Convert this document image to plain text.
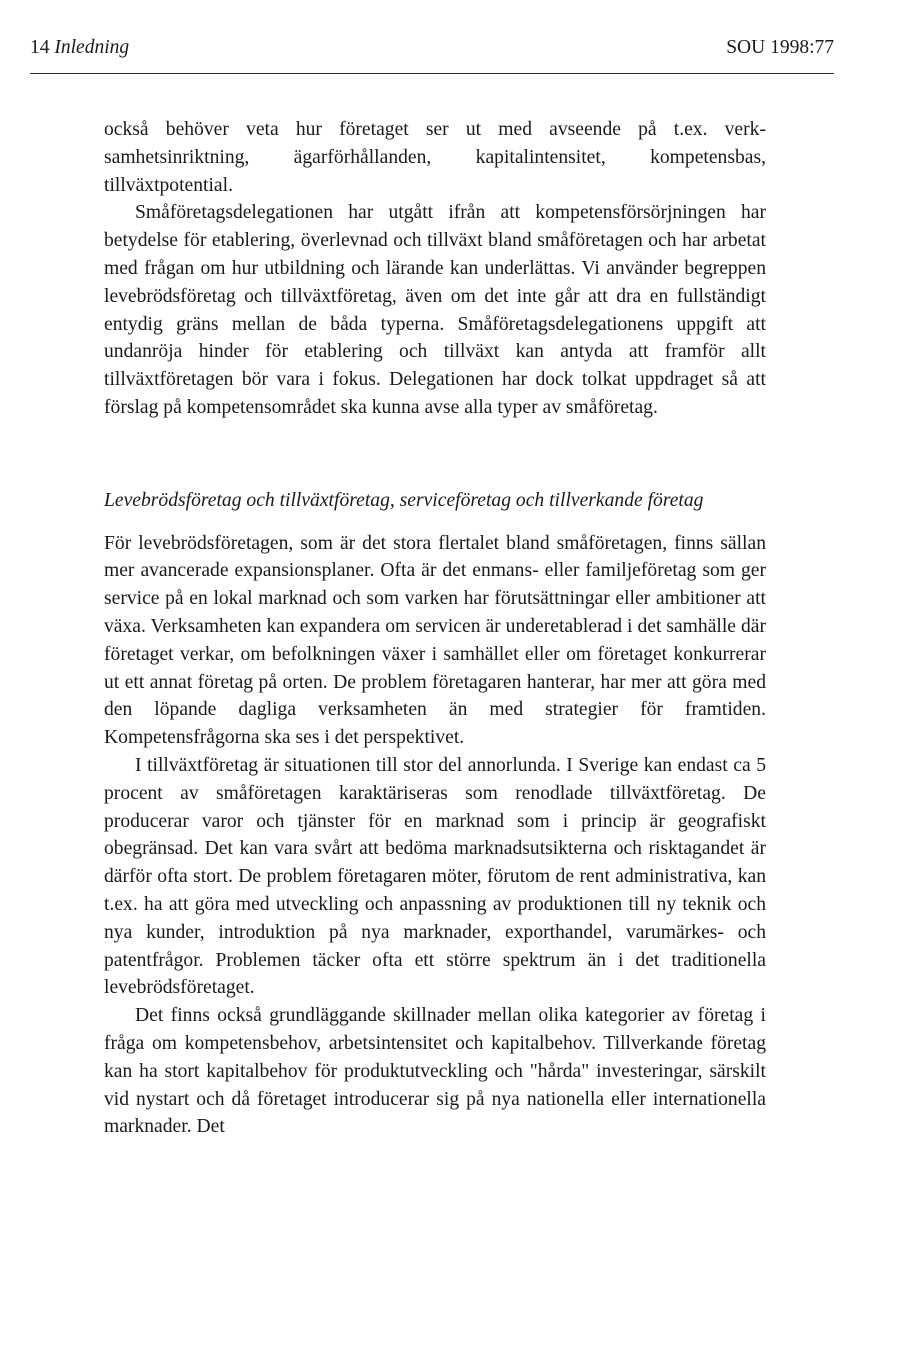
14 Inledning	SOU 1998:77

också behöver veta hur företaget ser ut med avseende på t.ex. verksamhetsinriktning, ägarförhållanden, kapitalintensitet, kompetensbas, tillväxtpotential.

Småföretagsdelegationen har utgått ifrån att kompetensförsörjningen har betydelse för etablering, överlevnad och tillväxt bland småföretagen och har arbetat med frågan om hur utbildning och lärande kan underlättas. Vi använder begreppen levebrödsföretag och tillväxtföretag, även om det inte går att dra en fullständigt entydig gräns mellan de båda typerna. Småföretagsdelegationens uppgift att undanröja hinder för etablering och tillväxt kan antyda att framför allt tillväxtföretagen bör vara i fokus. Delegationen har dock tolkat uppdraget så att förslag på kompetensområdet ska kunna avse alla typer av småföretag.

Levebrödsföretag och tillväxtföretag, serviceföretag och tillverkande företag

För levebrödsföretagen, som är det stora flertalet bland småföretagen, finns sällan mer avancerade expansionsplaner. Ofta är det enmans- eller familjeföretag som ger service på en lokal marknad och som varken har förutsättningar eller ambitioner att växa. Verksamheten kan expandera om servicen är underetablerad i det samhälle där företaget verkar, om befolkningen växer i samhället eller om företaget konkurrerar ut ett annat företag på orten. De problem företagaren hanterar, har mer att göra med den löpande dagliga verksamheten än med strategier för framtiden. Kompetensfrågorna ska ses i det perspektivet.

I tillväxtföretag är situationen till stor del annorlunda. I Sverige kan endast ca 5 procent av småföretagen karaktäriseras som renodlade tillväxtföretag. De producerar varor och tjänster för en marknad som i princip är geografiskt obegränsad. Det kan vara svårt att bedöma marknadsutsikterna och risktagandet är därför ofta stort. De problem företagaren möter, förutom de rent administrativa, kan t.ex. ha att göra med utveckling och anpassning av produktionen till ny teknik och nya kunder, introduktion på nya marknader, exporthandel, varumärkes- och patentfrågor. Problemen täcker ofta ett större spektrum än i det traditionella levebrödsföretaget.

Det finns också grundläggande skillnader mellan olika kategorier av företag i fråga om kompetensbehov, arbetsintensitet och kapitalbehov. Tillverkande företag kan ha stort kapitalbehov för produktutveckling och "hårda" investeringar, särskilt vid nystart och då företaget introducerar sig på nya nationella eller internationella marknader. Det
